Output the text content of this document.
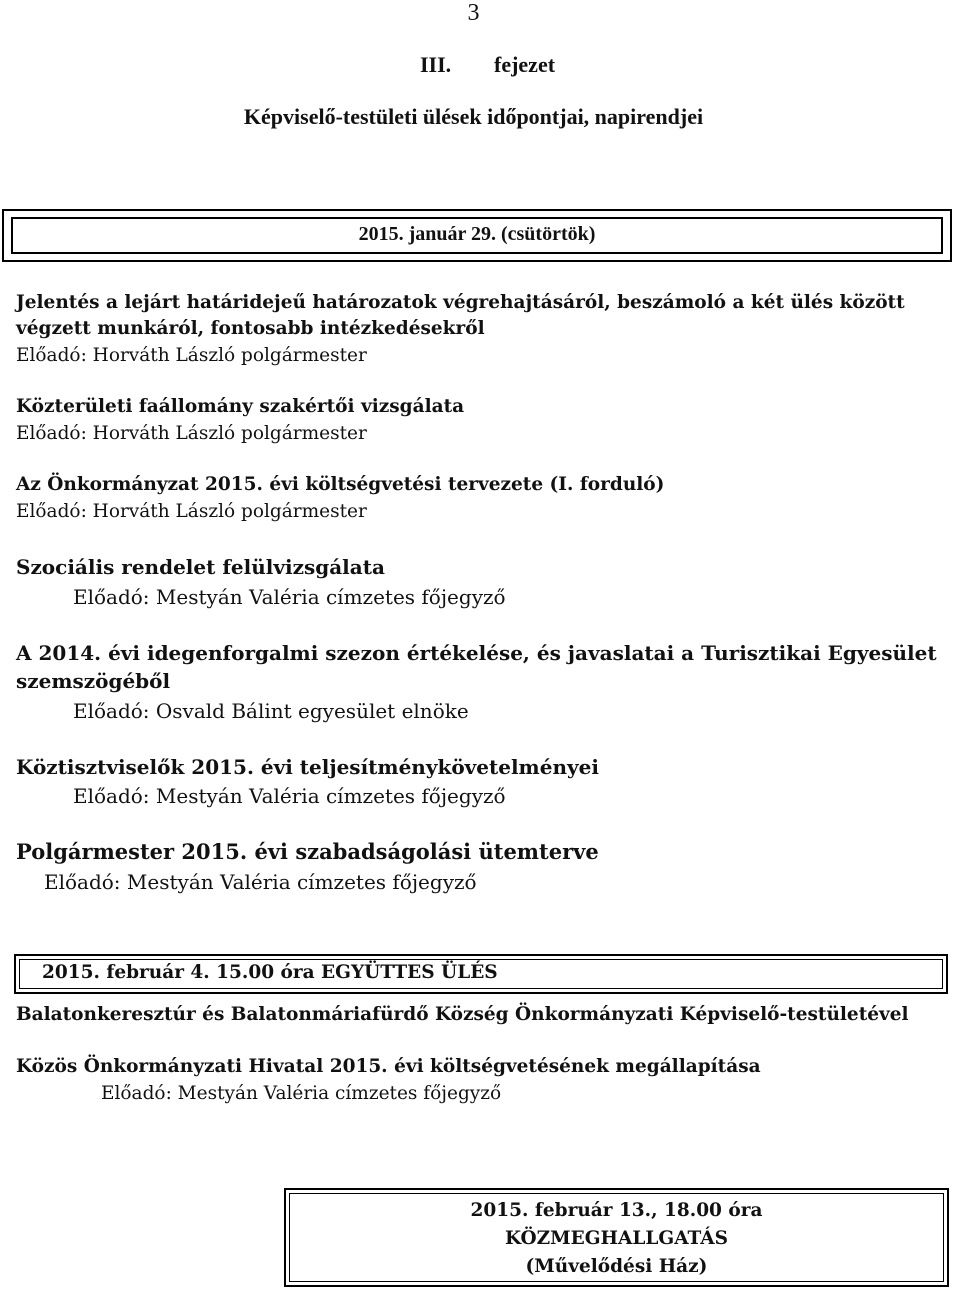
3
III. fejezet
Képviselő-testületi ülések időpontjai, napirendjei
2015. január 29. (csütörtök)
Jelentés a lejárt határidejeű határozatok végrehajtásáról, beszámoló a két ülés között
végzett munkáról, fontosabb intézkedésekről
Előadó: Horváth László polgármester
Közterületi faállomány szakértői vizsgálata
Előadó: Horváth László polgármester
Az Önkormányzat 2015. évi költségvetési tervezete (I. forduló)
Előadó: Horváth László polgármester
Szociális rendelet felülvizsgálata
Előadó: Mestyán Valéria címzetes főjegyző
A 2014. évi idegenforgalmi szezon értékelése, és javaslatai a Turisztikai Egyesület
szemszögéből
Előadó: Osvald Bálint egyesület elnöke
Köztisztviselők 2015. évi teljesítménykövetelményei
Előadó: Mestyán Valéria címzetes főjegyző
Polgármester 2015. évi szabadságolási ütemterve
Előadó: Mestyán Valéria címzetes főjegyző
2015. február 4. 15.00 óra EGYÜTTES ÜLÉS
Balatonkeresztúr és Balatonmáriafürdő Község Önkormányzati Képviselő-testületével
Közös Önkormányzati Hivatal 2015. évi költségvetésének megállapítása
Előadó: Mestyán Valéria címzetes főjegyző
2015. február 13., 18.00 óra
KÖZMEGHALLGATÁS
(Művelődési Ház)
